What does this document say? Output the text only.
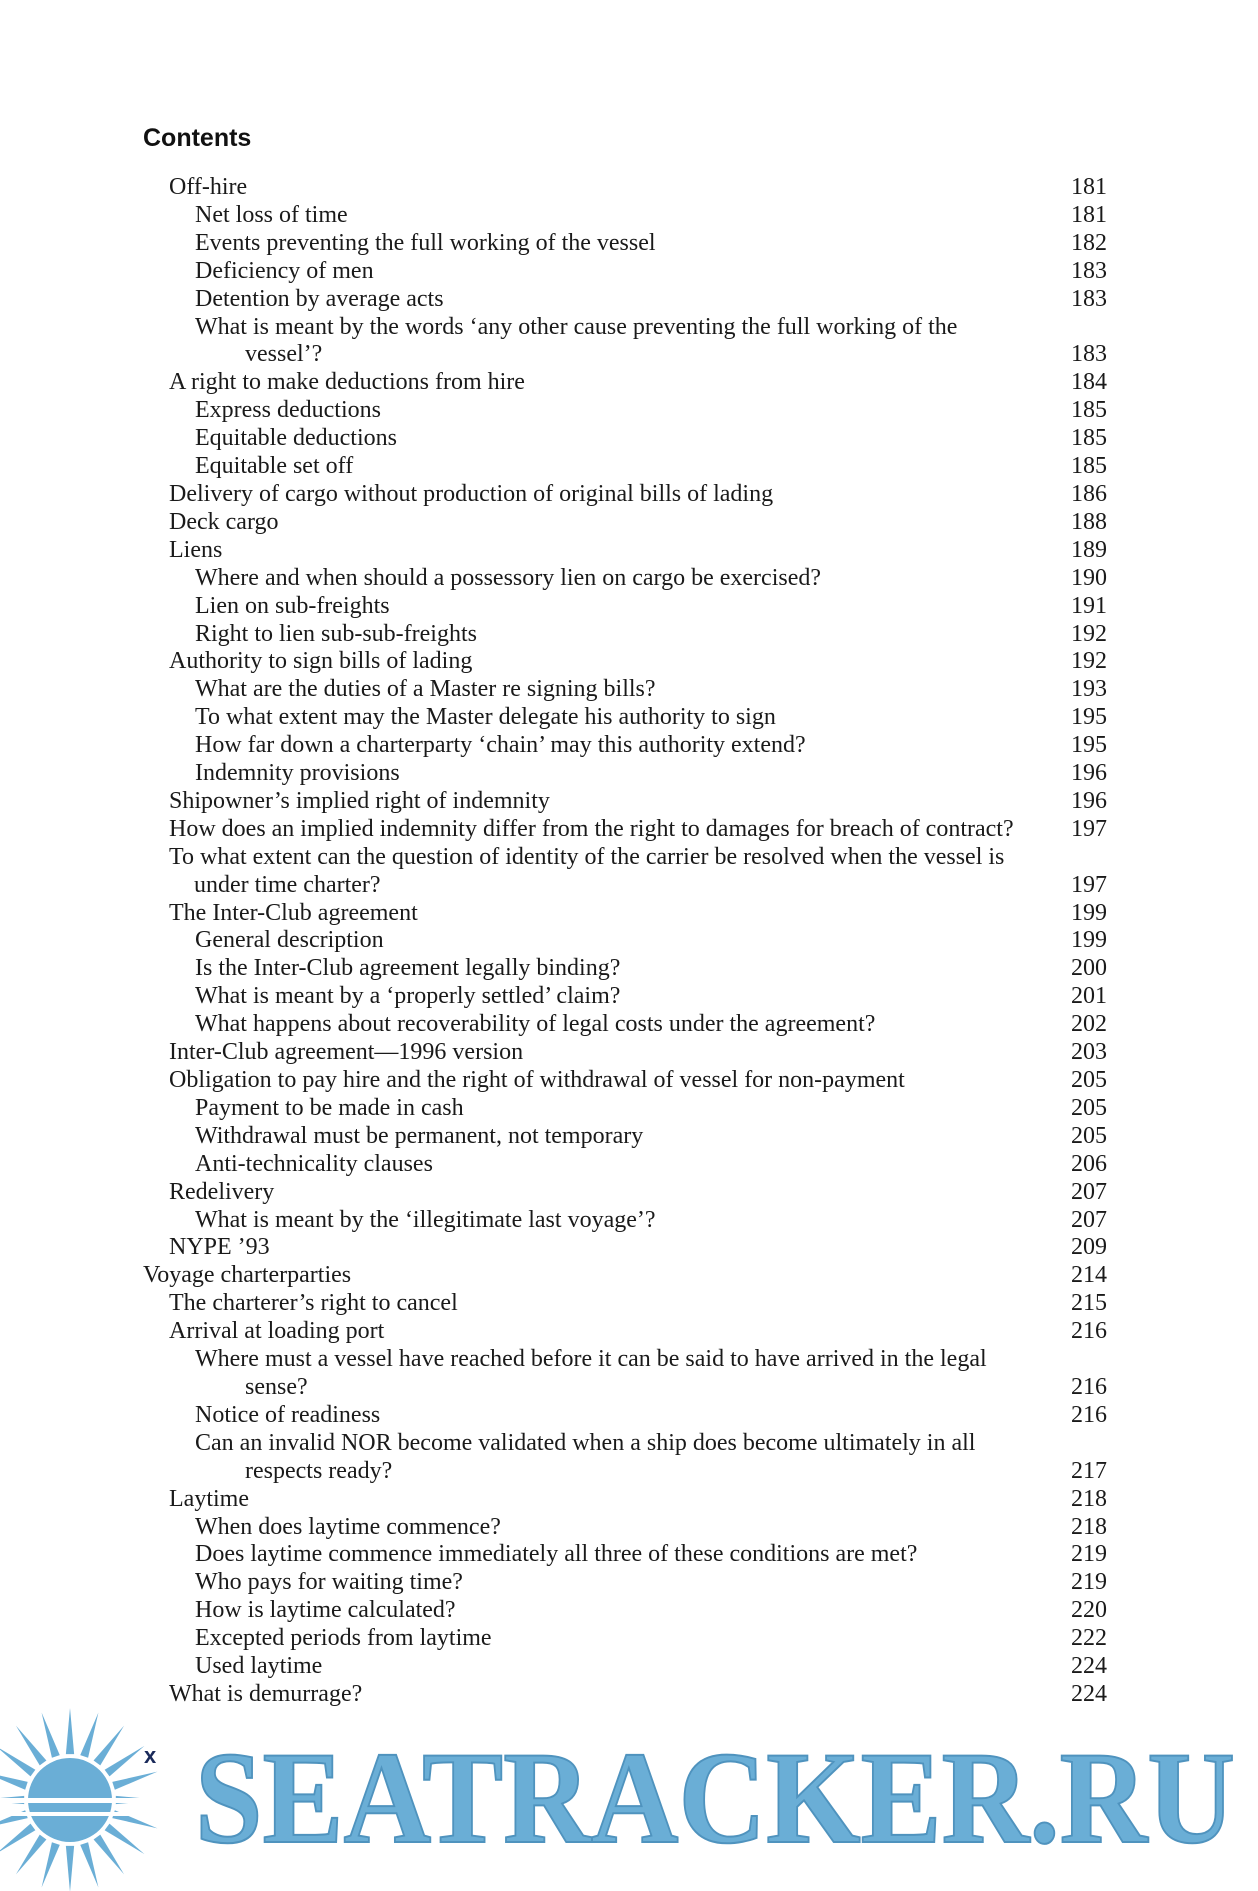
Contents
Off-hire	181
Net loss of time	181
Events preventing the full working of the vessel	182
Deficiency of men	183
Detention by average acts	183
What is meant by the words ‘any other cause preventing the full working of the vessel’?	183
A right to make deductions from hire	184
Express deductions	185
Equitable deductions	185
Equitable set off	185
Delivery of cargo without production of original bills of lading	186
Deck cargo	188
Liens	189
Where and when should a possessory lien on cargo be exercised?	190
Lien on sub-freights	191
Right to lien sub-sub-freights	192
Authority to sign bills of lading	192
What are the duties of a Master re signing bills?	193
To what extent may the Master delegate his authority to sign	195
How far down a charterparty ‘chain’ may this authority extend?	195
Indemnity provisions	196
Shipowner’s implied right of indemnity	196
How does an implied indemnity differ from the right to damages for breach of contract? 197
To what extent can the question of identity of the carrier be resolved when the vessel is under time charter?	197
The Inter-Club agreement	199
General description	199
Is the Inter-Club agreement legally binding?	200
What is meant by a ‘properly settled’ claim?	201
What happens about recoverability of legal costs under the agreement?	202
Inter-Club agreement—1996 version	203
Obligation to pay hire and the right of withdrawal of vessel for non-payment	205
Payment to be made in cash	205
Withdrawal must be permanent, not temporary	205
Anti-technicality clauses	206
Redelivery	207
What is meant by the ‘illegitimate last voyage’?	207
NYPE ’93	209
Voyage charterparties	214
The charterer’s right to cancel	215
Arrival at loading port	216
Where must a vessel have reached before it can be said to have arrived in the legal sense?	216
Notice of readiness	216
Can an invalid NOR become validated when a ship does become ultimately in all respects ready?	217
Laytime	218
When does laytime commence?	218
Does laytime commence immediately all three of these conditions are met?	219
Who pays for waiting time?	219
How is laytime calculated?	220
Excepted periods from laytime	222
Used laytime	224
What is demurrage?	224
x SEATRACKER.RU
